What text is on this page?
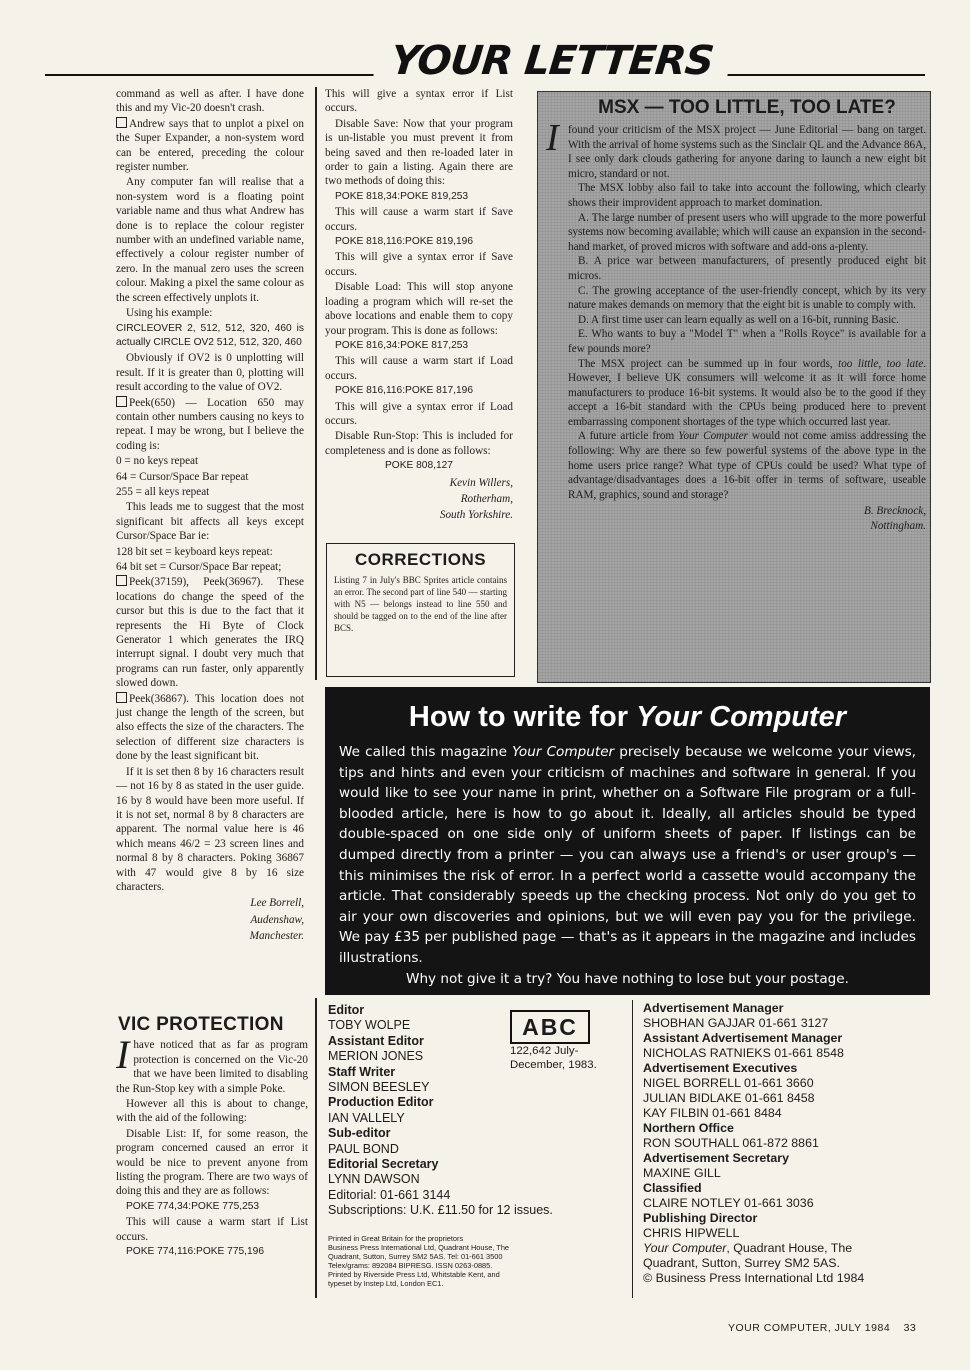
YOUR LETTERS

command as well as after. I have done this and my Vic-20 doesn't crash.

Andrew says that to unplot a pixel on the Super Expander, a non-system word can be entered, preceding the colour register number.

Any computer fan will realise that a non-system word is a floating point variable name and thus what Andrew has done is to replace the colour register number with an undefined variable name, effectively a colour register number of zero. In the manual zero uses the screen colour. Making a pixel the same colour as the screen effectively unplots it.

Using his example:

CIRCLEOVER 2, 512, 512, 320, 460 is actually CIRCLE OV2 512, 512, 320, 460

Obviously if OV2 is 0 unplotting will result. If it is greater than 0, plotting will result according to the value of OV2.

Peek(650) — Location 650 may contain other numbers causing no keys to repeat. I may be wrong, but I believe the coding is:

0 = no keys repeat

64 = Cursor/Space Bar repeat

255 = all keys repeat

This leads me to suggest that the most significant bit affects all keys except Cursor/Space Bar ie:

128 bit set = keyboard keys repeat:

64 bit set = Cursor/Space Bar repeat;

Peek(37159), Peek(36967). These locations do change the speed of the cursor but this is due to the fact that it represents the Hi Byte of Clock Generator 1 which generates the IRQ interrupt signal. I doubt very much that programs can run faster, only apparently slowed down.

Peek(36867). This location does not just change the length of the screen, but also effects the size of the characters. The selection of different size characters is done by the least significant bit.

If it is set then 8 by 16 characters result — not 16 by 8 as stated in the user guide. 16 by 8 would have been more useful. If it is not set, normal 8 by 8 characters are apparent. The normal value here is 46 which means 46/2 = 23 screen lines and normal 8 by 8 characters. Poking 36867 with 47 would give 8 by 16 size characters.

Lee Borrell,

Audenshaw,

Manchester.

VIC PROTECTION

Ihave noticed that as far as program protection is concerned on the Vic-20 that we have been limited to disabling the Run-Stop key with a simple Poke.

However all this is about to change, with the aid of the following:

Disable List: If, for some reason, the program concerned caused an error it would be nice to prevent anyone from listing the program. There are two ways of doing this and they are as follows:

POKE 774,34:POKE 775,253

This will cause a warm start if List occurs.

POKE 774,116:POKE 775,196

This will give a syntax error if List occurs.

Disable Save: Now that your program is un-listable you must prevent it from being saved and then re-loaded later in order to gain a listing. Again there are two methods of doing this:

POKE 818,34:POKE 819,253

This will cause a warm start if Save occurs.

POKE 818,116:POKE 819,196

This will give a syntax error if Save occurs.

Disable Load: This will stop anyone loading a program which will re-set the above locations and enable them to copy your program. This is done as follows:

POKE 816,34:POKE 817,253

This will cause a warm start if Load occurs.

POKE 816,116:POKE 817,196

This will give a syntax error if Load occurs.

Disable Run-Stop: This is included for completeness and is done as follows:

POKE 808,127

Kevin Willers,

Rotherham,

South Yorkshire.

CORRECTIONS

Listing 7 in July's BBC Sprites article contains an error. The second part of line 540 — starting with N5 — belongs instead to line 550 and should be tagged on to the end of the line after BCS.

MSX — TOO LITTLE, TOO LATE?

Ifound your criticism of the MSX project — June Editorial — bang on target. With the arrival of home systems such as the Sinclair QL and the Advance 86A, I see only dark clouds gathering for anyone daring to launch a new eight bit micro, standard or not.

The MSX lobby also fail to take into account the following, which clearly shows their improvident approach to market domination.

A. The large number of present users who will upgrade to the more powerful systems now becoming available; which will cause an expansion in the second-hand market, of proved micros with software and add-ons a-plenty.

B. A price war between manufacturers, of presently produced eight bit micros.

C. The growing acceptance of the user-friendly concept, which by its very nature makes demands on memory that the eight bit is unable to comply with.

D. A first time user can learn equally as well on a 16-bit, running Basic.

E. Who wants to buy a "Model T" when a "Rolls Royce" is available for a few pounds more?

The MSX project can be summed up in four words, too little, too late. However, I believe UK consumers will welcome it as it will force home manufacturers to produce 16-bit systems. It would also be to the good if they accept a 16-bit standard with the CPUs being produced here to prevent embarrassing component shortages of the type which occurred last year.

A future article from Your Computer would not come amiss addressing the following: Why are there so few powerful systems of the above type in the home users price range? What type of CPUs could be used? What type of advantage/disadvantages does a 16-bit offer in terms of software, useable RAM, graphics, sound and storage?

B. Brecknock,

Nottingham.

How to write for Your Computer

We called this magazine Your Computer precisely because we welcome your views, tips and hints and even your criticism of machines and software in general. If you would like to see your name in print, whether on a Software File program or a full-blooded article, here is how to go about it. Ideally, all articles should be typed double-spaced on one side only of uniform sheets of paper. If listings can be dumped directly from a printer — you can always use a friend's or user group's — this minimises the risk of error. In a perfect world a cassette would accompany the article. That considerably speeds up the checking process. Not only do you get to air your own discoveries and opinions, but we will even pay you for the privilege. We pay £35 per published page — that's as it appears in the magazine and includes illustrations.

Why not give it a try? You have nothing to lose but your postage.

Editor
TOBY WOLPE
Assistant Editor
MERION JONES
Staff Writer
SIMON BEESLEY
Production Editor
IAN VALLELY
Sub-editor
PAUL BOND
Editorial Secretary
LYNN DAWSON
Editorial: 01-661 3144
Subscriptions: U.K. £11.50 for 12 issues.
ABC
122,642 July-
December, 1983.
Printed in Great Britain for the proprietors
Business Press International Ltd, Quadrant House, The
Quadrant, Sutton, Surrey SM2 5AS. Tel: 01-661 3500
Telex/grams: 892084 BIPRESG. ISSN 0263-0885.
Printed by Riverside Press Ltd, Whitstable Kent, and
typeset by Instep Ltd, London EC1.
Advertisement Manager
SHOBHAN GAJJAR 01-661 3127
Assistant Advertisement Manager
NICHOLAS RATNIEKS 01-661 8548
Advertisement Executives
NIGEL BORRELL 01-661 3660
JULIAN BIDLAKE 01-661 8458
KAY FILBIN 01-661 8484
Northern Office
RON SOUTHALL 061-872 8861
Advertisement Secretary
MAXINE GILL
Classified
CLAIRE NOTLEY 01-661 3036
Publishing Director
CHRIS HIPWELL
Your Computer, Quadrant House, The
Quadrant, Sutton, Surrey SM2 5AS.
© Business Press International Ltd 1984
YOUR COMPUTER, JULY 1984 33
